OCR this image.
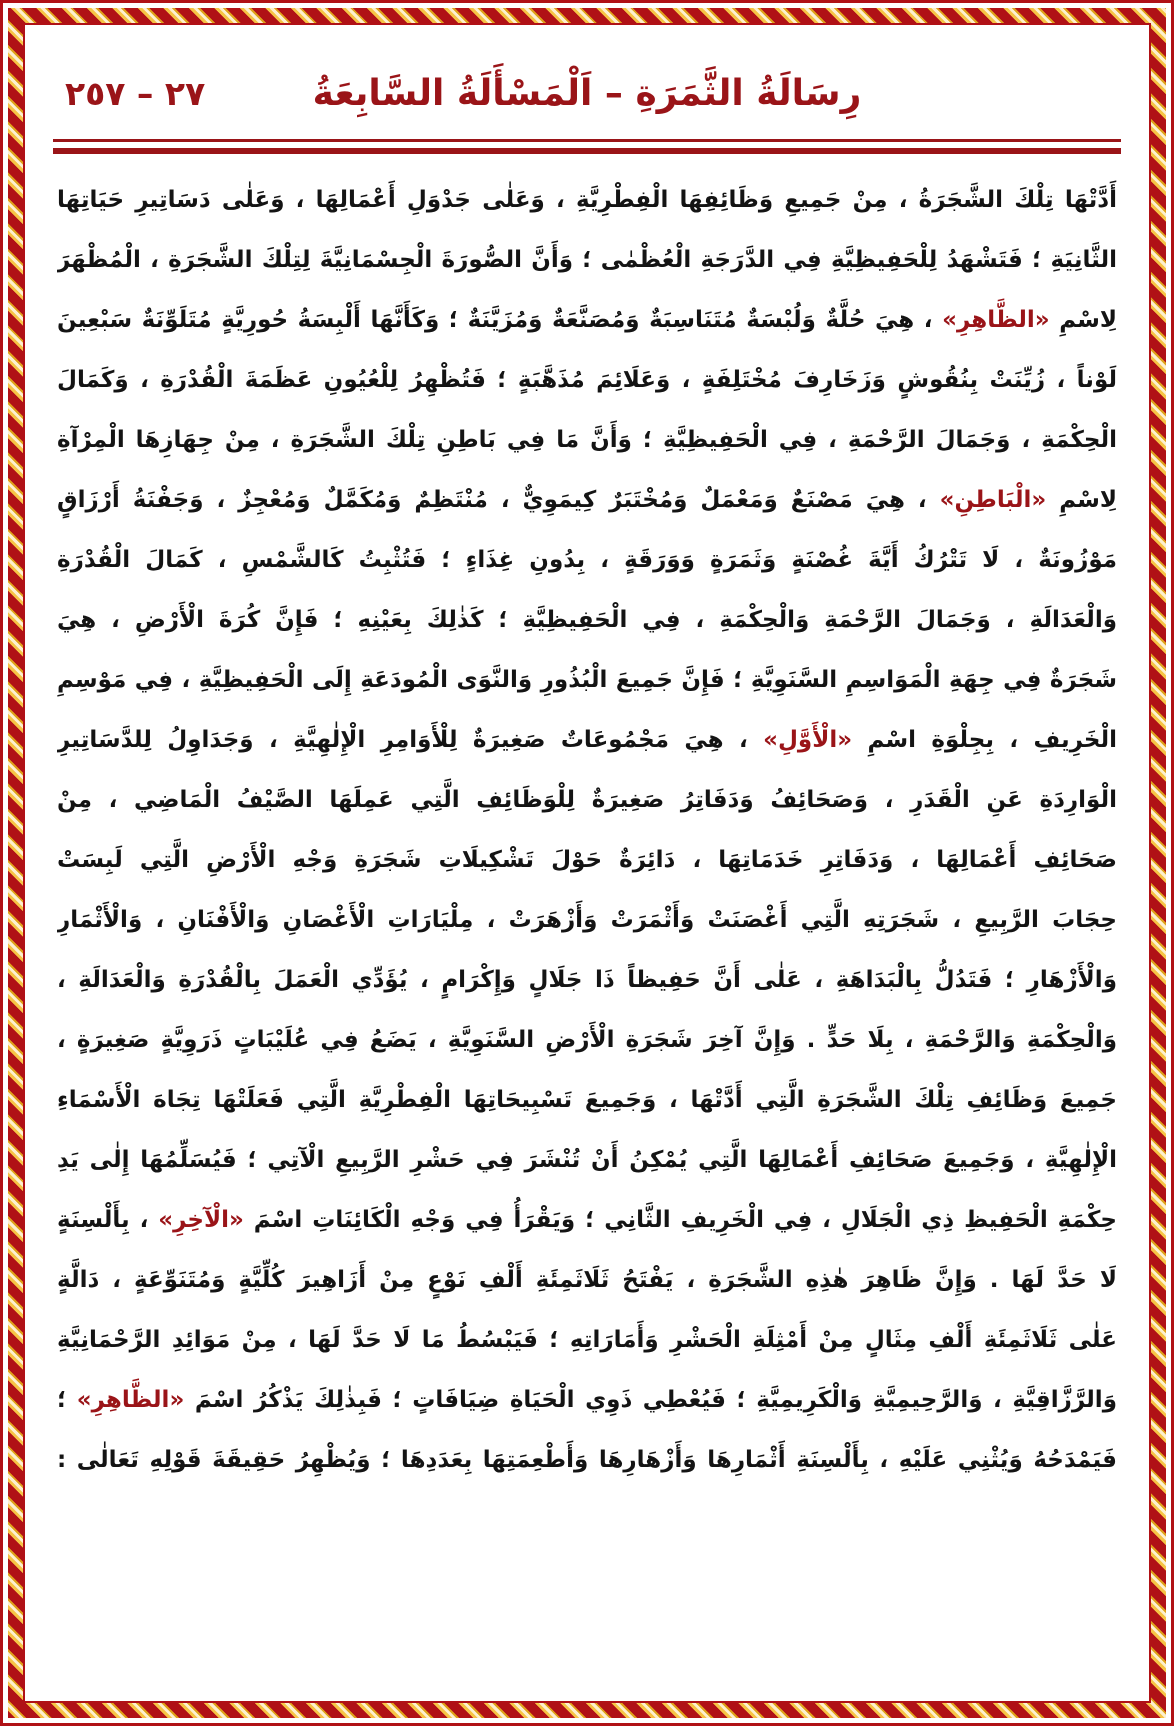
٢٧ – ٢٥٧	رِسَالَةُ الثَّمَرَةِ – اَلْمَسْأَلَةُ السَّابِعَةُ
أَدَّتْهَا تِلْكَ الشَّجَرَةُ ، مِنْ جَمِيعِ وَظَائِفِهَا الْفِطْرِيَّةِ ، وَعَلٰى جَدْوَلِ أَعْمَالِهَا ، وَعَلٰى دَسَاتِيرِ حَيَاتِهَا
الثَّانِيَةِ ؛ فَتَشْهَدُ لِلْحَفِيظِيَّةِ فِي الدَّرَجَةِ الْعُظْمٰى ؛ وَأَنَّ الصُّورَةَ الْجِسْمَانِيَّةَ لِتِلْكَ الشَّجَرَةِ ، الْمُظْهَرَ
لِاسْمِ «الظَّاهِرِ» ، هِيَ حُلَّةٌ وَلُبْسَةٌ مُتَنَاسِبَةٌ وَمُصَنَّعَةٌ وَمُزَيَّنَةٌ ؛ وَكَأَنَّهَا أَلْبِسَةُ حُورِيَّةٍ مُتَلَوِّنَةٌ سَبْعِينَ
لَوْناً ، زُيِّنَتْ بِنُقُوشٍ وَزَخَارِفَ مُخْتَلِفَةٍ ، وَعَلَائِمَ مُذَهَّبَةٍ ؛ فَتُظْهِرُ لِلْعُيُونِ عَظَمَةَ الْقُدْرَةِ ، وَكَمَالَ
الْحِكْمَةِ ، وَجَمَالَ الرَّحْمَةِ ، فِي الْحَفِيظِيَّةِ ؛ وَأَنَّ مَا فِي بَاطِنِ تِلْكَ الشَّجَرَةِ ، مِنْ جِهَازِهَا الْمِرْآةِ
لِاسْمِ «الْبَاطِنِ» ، هِيَ مَصْنَعٌ وَمَعْمَلٌ وَمُخْتَبَرٌ كِيمَوِيٌّ ، مُنْتَظِمٌ وَمُكَمَّلٌ وَمُعْجِزٌ ، وَجَفْنَةُ أَرْزَاقٍ
مَوْزُونَةٌ ، لَا تَتْرُكُ أَيَّةَ غُصْنَةٍ وَثَمَرَةٍ وَوَرَقَةٍ ، بِدُونِ غِذَاءٍ ؛ فَتُثْبِتُ كَالشَّمْسِ ، كَمَالَ الْقُدْرَةِ
وَالْعَدَالَةِ ، وَجَمَالَ الرَّحْمَةِ وَالْحِكْمَةِ ، فِي الْحَفِيظِيَّةِ ؛ كَذٰلِكَ بِعَيْنِهِ ؛ فَإِنَّ كُرَةَ الْأَرْضِ ، هِيَ
شَجَرَةٌ فِي جِهَةِ الْمَوَاسِمِ السَّنَوِيَّةِ ؛ فَإِنَّ جَمِيعَ الْبُذُورِ وَالنَّوَى الْمُودَعَةِ إِلَى الْحَفِيظِيَّةِ ، فِي مَوْسِمِ
الْخَرِيفِ ، بِجِلْوَةِ اسْمِ «الْأَوَّلِ» ، هِيَ مَجْمُوعَاتٌ صَغِيرَةٌ لِلْأَوَامِرِ الْإِلٰهِيَّةِ ، وَجَدَاوِلُ لِلدَّسَاتِيرِ
الْوَارِدَةِ عَنِ الْقَدَرِ ، وَصَحَائِفُ وَدَفَاتِرُ صَغِيرَةٌ لِلْوَظَائِفِ الَّتِي عَمِلَهَا الصَّيْفُ الْمَاضِي ، مِنْ
صَحَائِفِ أَعْمَالِهَا ، وَدَفَاتِرِ خَدَمَاتِهَا ، دَائِرَةٌ حَوْلَ تَشْكِيلَاتِ شَجَرَةِ وَجْهِ الْأَرْضِ الَّتِي لَبِسَتْ
حِجَابَ الرَّبِيعِ ، شَجَرَتِهِ الَّتِي أَغْصَنَتْ وَأَثْمَرَتْ وَأَزْهَرَتْ ، مِلْيَارَاتِ الْأَغْصَانِ وَالْأَفْنَانِ ، وَالْأَثْمَارِ
وَالْأَزْهَارِ ؛ فَتَدُلُّ بِالْبَدَاهَةِ ، عَلٰى أَنَّ حَفِيظاً ذَا جَلَالٍ وَإِكْرَامٍ ، يُؤَدِّي الْعَمَلَ بِالْقُدْرَةِ وَالْعَدَالَةِ ،
وَالْحِكْمَةِ وَالرَّحْمَةِ ، بِلَا حَدٍّ . وَإِنَّ آخِرَ شَجَرَةِ الْأَرْضِ السَّنَوِيَّةِ ، يَضَعُ فِي عُلَيْبَاتٍ ذَرَوِيَّةٍ صَغِيرَةٍ ،
جَمِيعَ وَظَائِفِ تِلْكَ الشَّجَرَةِ الَّتِي أَدَّتْهَا ، وَجَمِيعَ تَسْبِيحَاتِهَا الْفِطْرِيَّةِ الَّتِي فَعَلَتْهَا تِجَاهَ الْأَسْمَاءِ
الْإِلٰهِيَّةِ ، وَجَمِيعَ صَحَائِفِ أَعْمَالِهَا الَّتِي يُمْكِنُ أَنْ تُنْشَرَ فِي حَشْرِ الرَّبِيعِ الْآتِي ؛ فَيُسَلِّمُهَا إِلٰى يَدِ
حِكْمَةِ الْحَفِيظِ ذِي الْجَلَالِ ، فِي الْخَرِيفِ الثَّانِي ؛ وَيَقْرَأُ فِي وَجْهِ الْكَائِنَاتِ اسْمَ «الْآخِرِ» ، بِأَلْسِنَةٍ
لَا حَدَّ لَهَا . وَإِنَّ ظَاهِرَ هٰذِهِ الشَّجَرَةِ ، يَفْتَحُ ثَلَاثَمِئَةِ أَلْفِ نَوْعٍ مِنْ أَزَاهِيرَ كُلِّيَّةٍ وَمُتَنَوِّعَةٍ ، دَالَّةٍ
عَلٰى ثَلَاثَمِئَةِ أَلْفِ مِثَالٍ مِنْ أَمْثِلَةِ الْحَشْرِ وَأَمَارَاتِهِ ؛ فَيَبْسُطُ مَا لَا حَدَّ لَهَا ، مِنْ مَوَائِدِ الرَّحْمَانِيَّةِ
وَالرَّزَّاقِيَّةِ ، وَالرَّحِيمِيَّةِ وَالْكَرِيمِيَّةِ ؛ فَيُعْطِي ذَوِي الْحَيَاةِ ضِيَافَاتٍ ؛ فَبِذٰلِكَ يَذْكُرُ اسْمَ «الظَّاهِرِ» ؛
فَيَمْدَحُهُ وَيُثْنِي عَلَيْهِ ، بِأَلْسِنَةِ أَثْمَارِهَا وَأَزْهَارِهَا وَأَطْعِمَتِهَا بِعَدَدِهَا ؛ وَيُظْهِرُ حَقِيقَةَ قَوْلِهِ تَعَالٰى :
